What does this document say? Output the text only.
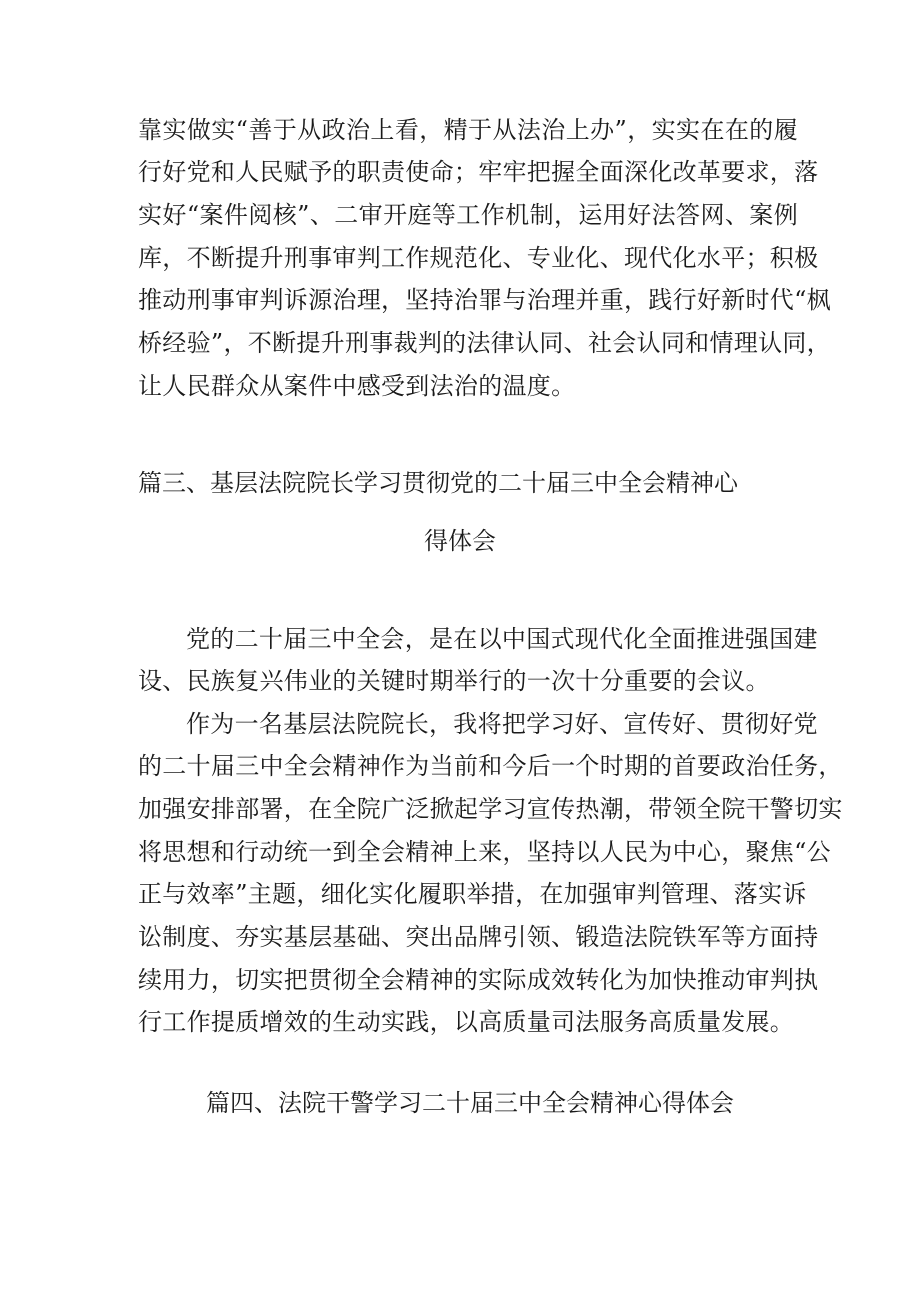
靠实做实“善于从政治上看，精于从法治上办”，实实在在的履
行好党和人民赋予的职责使命；牢牢把握全面深化改革要求，落
实好“案件阅核”、二审开庭等工作机制，运用好法答网、案例
库，不断提升刑事审判工作规范化、专业化、现代化水平；积极
推动刑事审判诉源治理，坚持治罪与治理并重，践行好新时代“枫
桥经验”，不断提升刑事裁判的法律认同、社会认同和情理认同，
让人民群众从案件中感受到法治的温度。
篇三、基层法院院长学习贯彻党的二十届三中全会精神心
得体会
党的二十届三中全会，是在以中国式现代化全面推进强国建
设、民族复兴伟业的关键时期举行的一次十分重要的会议。
作为一名基层法院院长，我将把学习好、宣传好、贯彻好党
的二十届三中全会精神作为当前和今后一个时期的首要政治任务，
加强安排部署，在全院广泛掀起学习宣传热潮，带领全院干警切实
将思想和行动统一到全会精神上来，坚持以人民为中心，聚焦“公
正与效率”主题，细化实化履职举措，在加强审判管理、落实诉
讼制度、夯实基层基础、突出品牌引领、锻造法院铁军等方面持
续用力，切实把贯彻全会精神的实际成效转化为加快推动审判执
行工作提质增效的生动实践，以高质量司法服务高质量发展。
篇四、法院干警学习二十届三中全会精神心得体会
